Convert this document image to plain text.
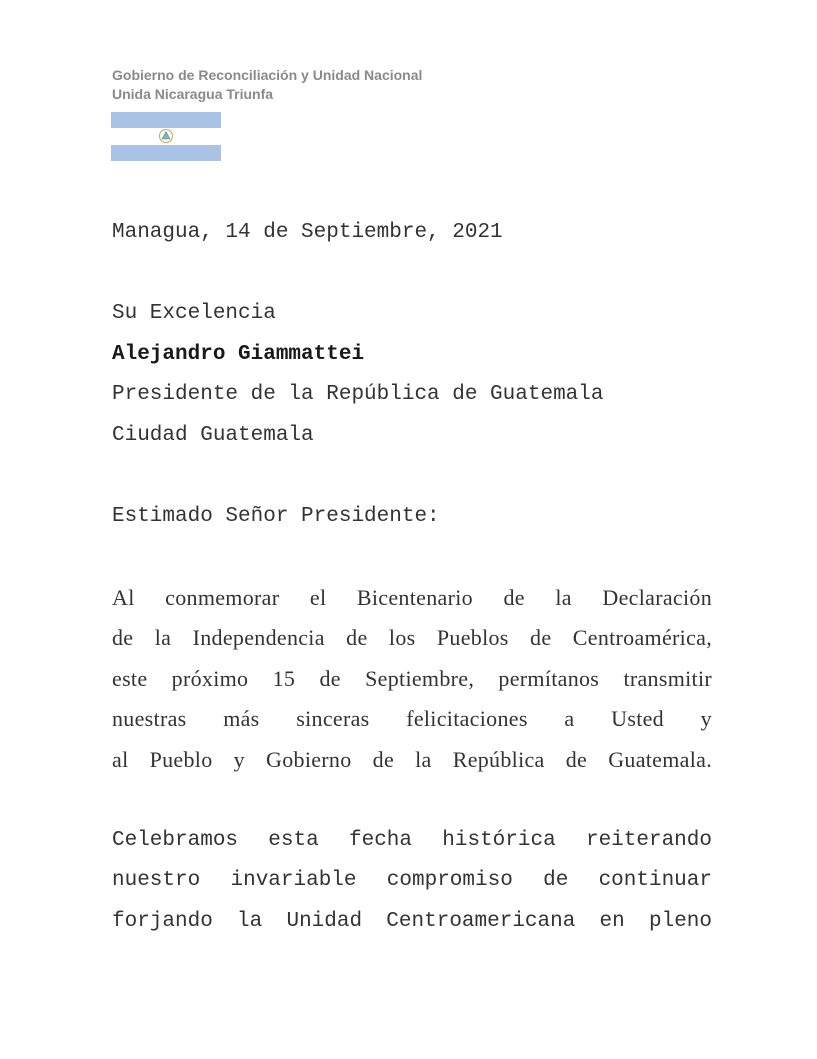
Gobierno de Reconciliación y Unidad Nacional
Unida Nicaragua Triunfa
Managua, 14 de Septiembre, 2021
Su Excelencia
Alejandro Giammattei
Presidente de la República de Guatemala
Ciudad Guatemala
Estimado Señor Presidente:
Al conmemorar el Bicentenario de la Declaración
de la Independencia de los Pueblos de Centroamérica,
este próximo 15 de Septiembre, permítanos transmitir
nuestras más sinceras felicitaciones a Usted y
al Pueblo y Gobierno de la República de Guatemala.
Celebramos esta fecha histórica reiterando
nuestro invariable compromiso de continuar
forjando la Unidad Centroamericana en pleno
